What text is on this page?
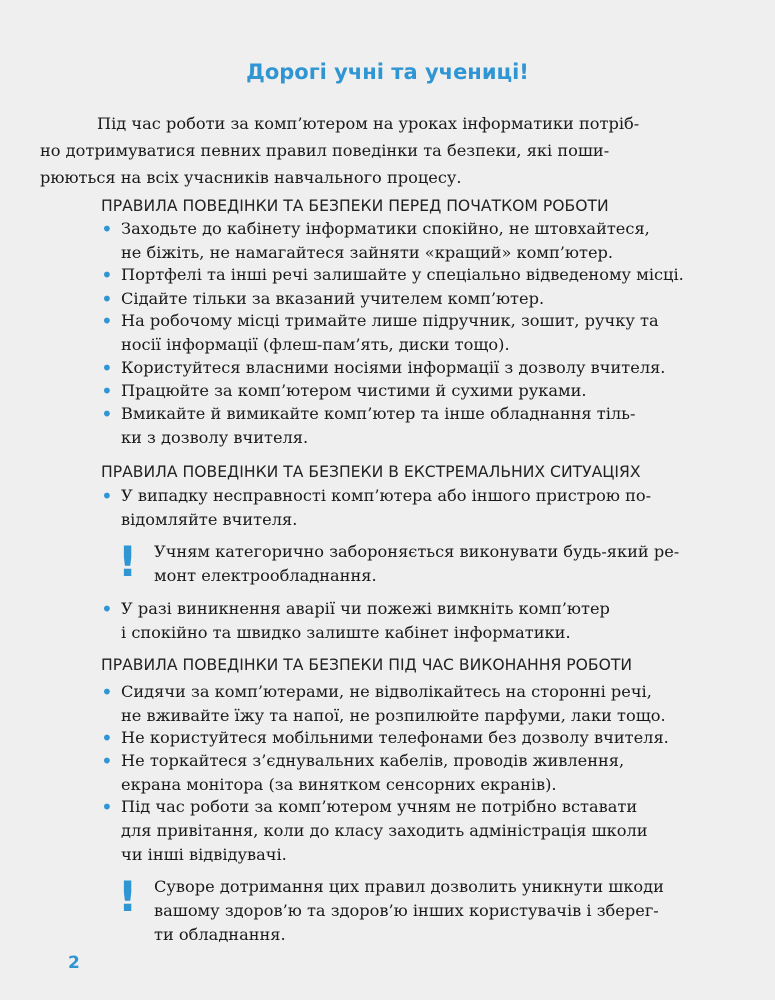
Дорогі учні та учениці!
Під час роботи за комп’ютером на уроках інформатики потріб-
но дотримуватися певних правил поведінки та безпеки, які поши-
рюються на всіх учасників навчального процесу.
ПРАВИЛА ПОВЕДІНКИ ТА БЕЗПЕКИ ПЕРЕД ПОЧАТКОМ РОБОТИ
• Заходьте до кабінету інформатики спокійно, не штовхайтеся,
не біжіть, не намагайтеся зайняти «кращий» комп’ютер.
• Портфелі та інші речі залишайте у спеціально відведеному місці.
• Сідайте тільки за вказаний учителем комп’ютер.
• На робочому місці тримайте лише підручник, зошит, ручку та
носії інформації (флеш-пам’ять, диски тощо).
• Користуйтеся власними носіями інформації з дозволу вчителя.
• Працюйте за комп’ютером чистими й сухими руками.
• Вмикайте й вимикайте комп’ютер та інше обладнання тіль-
ки з дозволу вчителя.
ПРАВИЛА ПОВЕДІНКИ ТА БЕЗПЕКИ В ЕКСТРЕМАЛЬНИХ СИТУАЦІЯХ
• У випадку несправності комп’ютера або іншого пристрою по-
відомляйте вчителя.
! Учням категорично забороняється виконувати будь-який ре-
монт електрообладнання.
• У разі виникнення аварії чи пожежі вимкніть комп’ютер
і спокійно та швидко залиште кабінет інформатики.
ПРАВИЛА ПОВЕДІНКИ ТА БЕЗПЕКИ ПІД ЧАС ВИКОНАННЯ РОБОТИ
• Сидячи за комп’ютерами, не відволікайтесь на сторонні речі,
не вживайте їжу та напої, не розпилюйте парфуми, лаки тощо.
• Не користуйтеся мобільними телефонами без дозволу вчителя.
• Не торкайтеся з’єднувальних кабелів, проводів живлення,
екрана монітора (за винятком сенсорних екранів).
• Під час роботи за комп’ютером учням не потрібно вставати
для привітання, коли до класу заходить адміністрація школи
чи інші відвідувачі.
! Суворе дотримання цих правил дозволить уникнути шкоди
вашому здоров’ю та здоров’ю інших користувачів і зберег-
ти обладнання.
2
